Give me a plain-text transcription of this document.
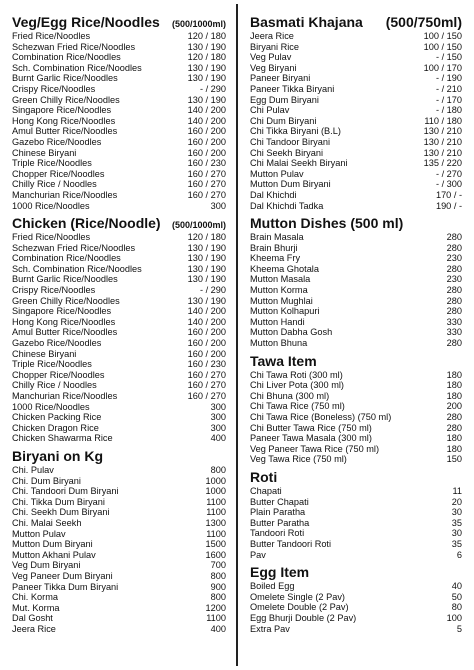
Veg/Egg Rice/Noodles (500/1000ml)
Fried Rice/Noodles	120 / 180
Schezwan Fried Rice/Noodles	130 / 190
Combination Rice/Noodles	120 / 180
Sch. Combination Rice/Noodles	130 / 190
Burnt Garlic Rice/Noodles	130 / 190
Crispy Rice/Noodles	- / 290
Green Chilly Rice/Noodles	130 / 190
Singapore Rice/Noodles	140 / 200
Hong Kong Rice/Noodles	140 / 200
Amul Butter Rice/Noodles	160 / 200
Gazebo Rice/Noodles	160 / 200
Chinese Biryani	160 / 200
Triple Rice/Noodles	160 / 230
Chopper Rice/Noodles	160 / 270
Chilly Rice / Noodles	160 / 270
Manchurian Rice/Noodles	160 / 270
1000 Rice/Noodles	300
Chicken (Rice/Noodle) (500/1000ml)
Fried Rice/Noodles	120 / 180
Schezwan Fried Rice/Noodles	130 / 190
Combination Rice/Noodles	130 / 190
Sch. Combination Rice/Noodles	130 / 190
Burnt Garlic Rice/Noodles	130 / 190
Crispy Rice/Noodles	- / 290
Green Chilly Rice/Noodles	130 / 190
Singapore Rice/Noodles	140 / 200
Hong Kong Rice/Noodles	140 / 200
Amul Butter Rice/Noodles	160 / 200
Gazebo Rice/Noodles	160 / 200
Chinese Biryani	160 / 200
Triple Rice/Noodles	160 / 230
Chopper Rice/Noodles	160 / 270
Chilly Rice / Noodles	160 / 270
Manchurian Rice/Noodles	160 / 270
1000 Rice/Noodles	300
Chicken Packing Rice	300
Chicken Dragon Rice	300
Chicken Shawarma Rice	400
Biryani on Kg
Chi. Pulav	800
Chi. Dum Biryani	1000
Chi. Tandoori Dum Biryani	1000
Chi. Tikka Dum Biryani	1100
Chi. Seekh Dum Biryani	1100
Chi. Malai Seekh	1300
Mutton Pulav	1100
Mutton Dum Biryani	1500
Mutton Akhani Pulav	1600
Veg Dum Biryani	700
Veg Paneer Dum Biryani	800
Paneer Tikka Dum Biryani	900
Chi. Korma	800
Mut. Korma	1200
Dal Gosht	1100
Jeera Rice	400
Basmati Khajana (500/750ml)
Jeera Rice	100 / 150
Biryani Rice	100 / 150
Veg Pulav	- / 150
Veg Biryani	100 / 170
Paneer Biryani	- / 190
Paneer Tikka Biryani	- / 210
Egg Dum Biryani	- / 170
Chi Pulav	- / 180
Chi Dum Biryani	110 / 180
Chi Tikka Biryani (B.L)	130 / 210
Chi Tandoor Biryani	130 / 210
Chi Seekh Biryani	130 / 210
Chi Malai Seekh Biryani	135 / 220
Mutton Pulav	- / 270
Mutton Dum Biryani	- / 300
Dal Khichdi	170 / -
Dal Khichdi Tadka	190 / -
Mutton Dishes (500 ml)
Brain Masala	280
Brain Bhurji	280
Kheema Fry	230
Kheema Ghotala	280
Mutton Masala	230
Mutton Korma	280
Mutton Mughlai	280
Mutton Kolhapuri	280
Mutton Handi	330
Mutton Dabha Gosh	330
Mutton Bhuna	280
Tawa Item
Chi Tawa Roti (300 ml)	180
Chi Liver Pota (300 ml)	180
Chi Bhuna (300 ml)	180
Chi Tawa Rice (750 ml)	200
Chi Tawa Rice (Boneless) (750 ml)	280
Chi Butter Tawa Rice (750 ml)	280
Paneer Tawa Masala (300 ml)	180
Veg Paneer Tawa Rice (750 ml)	180
Veg Tawa Rice (750 ml)	150
Roti
Chapati	11
Butter Chapati	20
Plain Paratha	30
Butter Paratha	35
Tandoori Roti	30
Butter Tandoori Roti	35
Pav	6
Egg Item
Boiled Egg	40
Omelete Single (2 Pav)	50
Omelete Double (2 Pav)	80
Egg Bhurji Double (2 Pav)	100
Extra Pav	5
